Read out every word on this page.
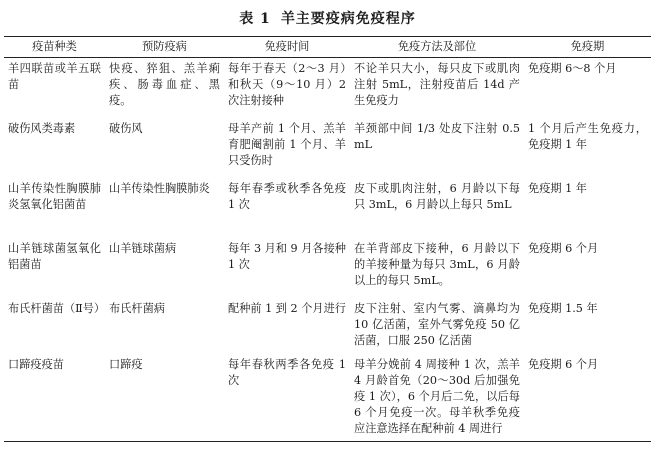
表 1 羊主要疫病免疫程序
疫苗种类	预防疫病	免疫时间	免疫方法及部位	免疫期
羊四联苗或羊五联苗	快疫、猝狙、羔羊痢疾、肠毒血症、黑疫。	每年于春天（2～3 月）和秋天（9～10 月）2 次注射接种	不论羊只大小，每只皮下或肌肉注射 5mL，注射疫苗后 14d 产生免疫力	免疫期 6～8 个月
破伤风类毒素	破伤风	母羊产前 1 个月、羔羊育肥阉割前 1 个月、羊只受伤时	羊颈部中间 1/3 处皮下注射 0.5mL	1 个月后产生免疫力，免疫期 1 年
山羊传染性胸膜肺炎氢氧化铝菌苗	山羊传染性胸膜肺炎	每年春季或秋季各免疫 1 次	皮下或肌肉注射，6 月龄以下每只 3mL，6 月龄以上每只 5mL	免疫期 1 年
山羊链球菌氢氧化铝菌苗	山羊链球菌病	每年 3 月和 9 月各接种 1 次	在羊背部皮下接种，6 月龄以下的羊接种量为每只 3mL，6 月龄以上的每只 5mL。	免疫期 6 个月
布氏杆菌苗（Ⅱ号）	布氏杆菌病	配种前 1 到 2 个月进行	皮下注射、室内气雾、滴鼻均为 10 亿活菌，室外气雾免疫 50 亿活菌，口服 250 亿活菌	免疫期 1.5 年
口蹄疫疫苗	口蹄疫	每年春秋两季各免疫 1 次	母羊分娩前 4 周接种 1 次，羔羊 4 月龄首免（20～30d 后加强免疫 1 次），6 个月后二免，以后每 6 个月免疫一次。母羊秋季免疫应注意选择在配种前 4 周进行	免疫期 6 个月
